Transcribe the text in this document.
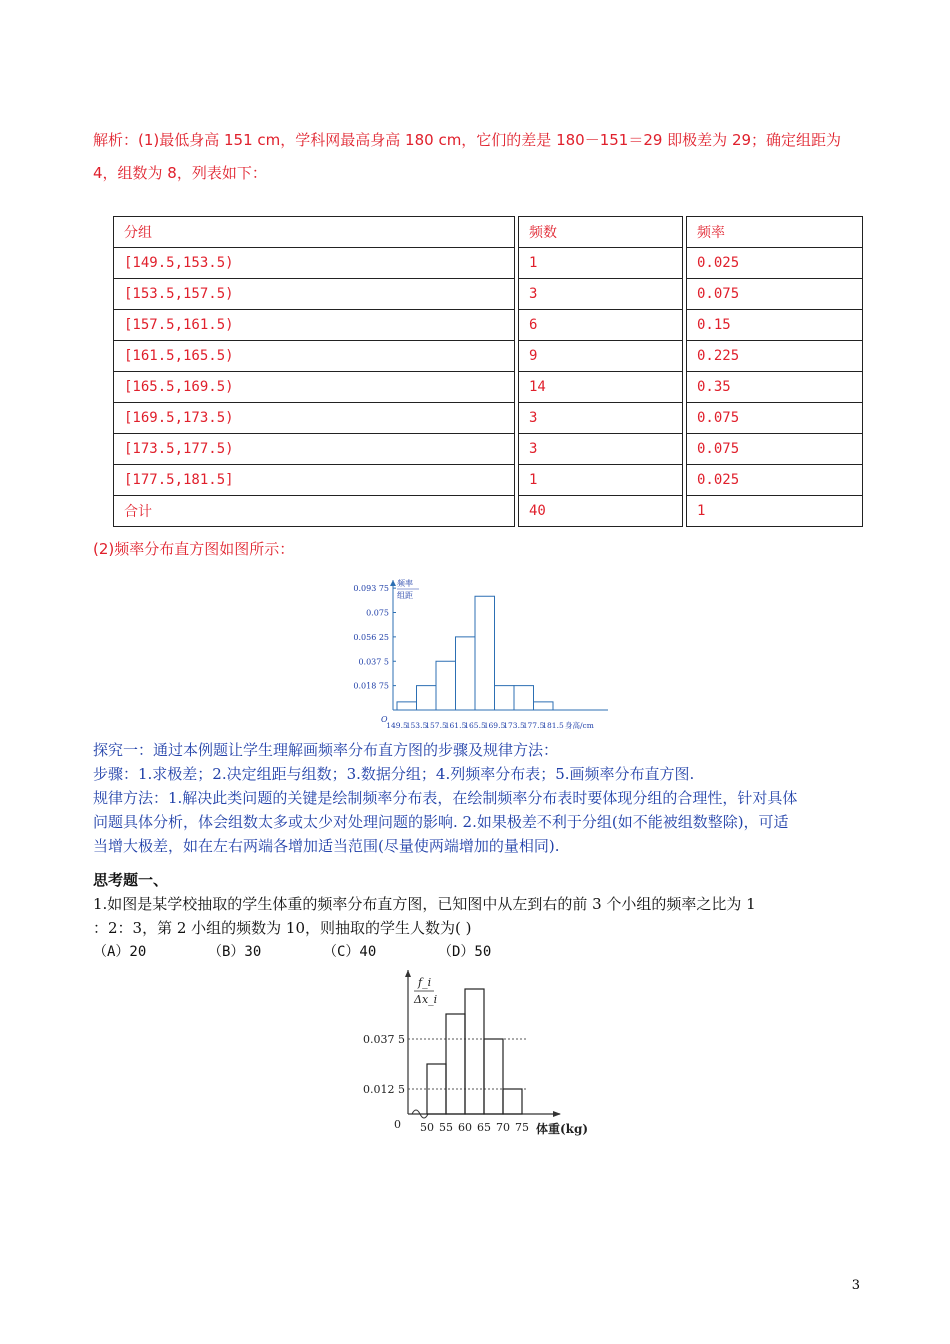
解析：(1)最低身高 151 cm，学科网最高身高 180 cm，它们的差是 180－151＝29 即极差为 29；确定组距为
4，组数为 8，列表如下：
分组	频数	频率
[149.5,153.5)	1	0.025
[153.5,157.5)	3	0.075
[157.5,161.5)	6	0.15
[161.5,165.5)	9	0.225
[165.5,169.5)	14	0.35
[169.5,173.5)	3	0.075
[173.5,177.5)	3	0.075
[177.5,181.5]	1	0.025
合计	40	1
(2)频率分布直方图如图所示：
0.018 75
0.037 5
0.056 25
0.075
0.093 75
149.5
153.5
157.5
161.5
165.5
169.5
173.5
177.5
181.5 身高/cm
O
频率
组距

探究一：通过本例题让学生理解画频率分布直方图的步骤及规律方法：

步骤：1.求极差；2.决定组距与组数；3.数据分组；4.列频率分布表；5.画频率分布直方图.

规律方法：1.解决此类问题的关键是绘制频率分布表，在绘制频率分布表时要体现分组的合理性，针对具体

问题具体分析，体会组数太多或太少对处理问题的影响. 2.如果极差不利于分组(如不能被组数整除)，可适

当增大极差，如在左右两端各增加适当范围(尽量使两端增加的量相同).

思考题一、

1.如图是某学校抽取的学生体重的频率分布直方图，已知图中从左到右的前 3 个小组的频率之比为 1

：2：3，第 2 小组的频数为 10，则抽取的学生人数为( )

（A）20	（B）30	（C）40	（D）50
0.012 5
0.037 5
50 55 60 65 70 75 体重(kg)
0
f_i
Δx_i
3
